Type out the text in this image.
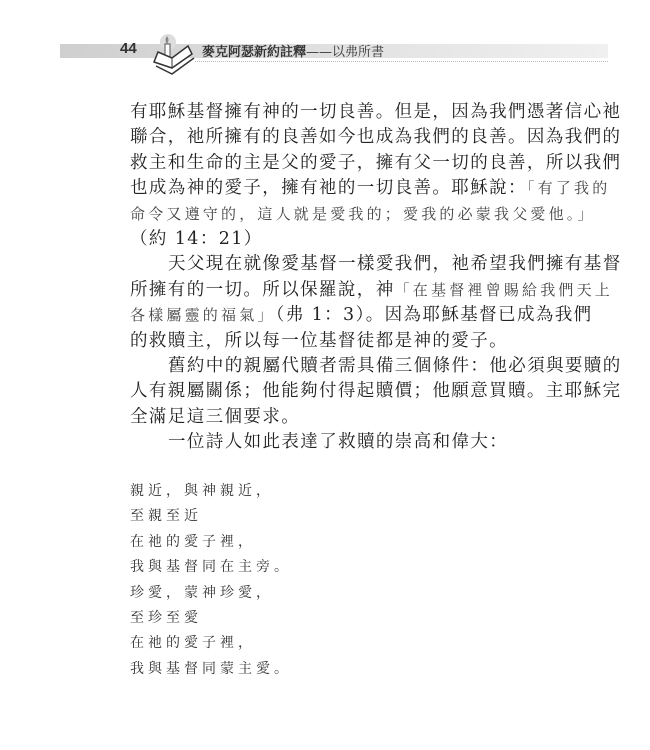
44	麥克阿瑟新約註釋——以弗所書
有耶穌基督擁有神的一切良善。但是，因為我們憑著信心祂
聯合，祂所擁有的良善如今也成為我們的良善。因為我們的
救主和生命的主是父的愛子，擁有父一切的良善，所以我們
也成為神的愛子，擁有祂的一切良善。耶穌說：「有了我的
命令又遵守的，這人就是愛我的；愛我的必蒙我父愛他。」
（約 14：21）
天父現在就像愛基督一樣愛我們，祂希望我們擁有基督
所擁有的一切。所以保羅說，神「在基督裡曾賜給我們天上
各樣屬靈的福氣」（弗 1：3）。因為耶穌基督已成為我們
的救贖主，所以每一位基督徒都是神的愛子。
舊約中的親屬代贖者需具備三個條件：他必須與要贖的
人有親屬關係；他能夠付得起贖價；他願意買贖。主耶穌完
全滿足這三個要求。
一位詩人如此表達了救贖的崇高和偉大：
親近，與神親近，
至親至近
在祂的愛子裡，
我與基督同在主旁。
珍愛，蒙神珍愛，
至珍至愛
在祂的愛子裡，
我與基督同蒙主愛。
